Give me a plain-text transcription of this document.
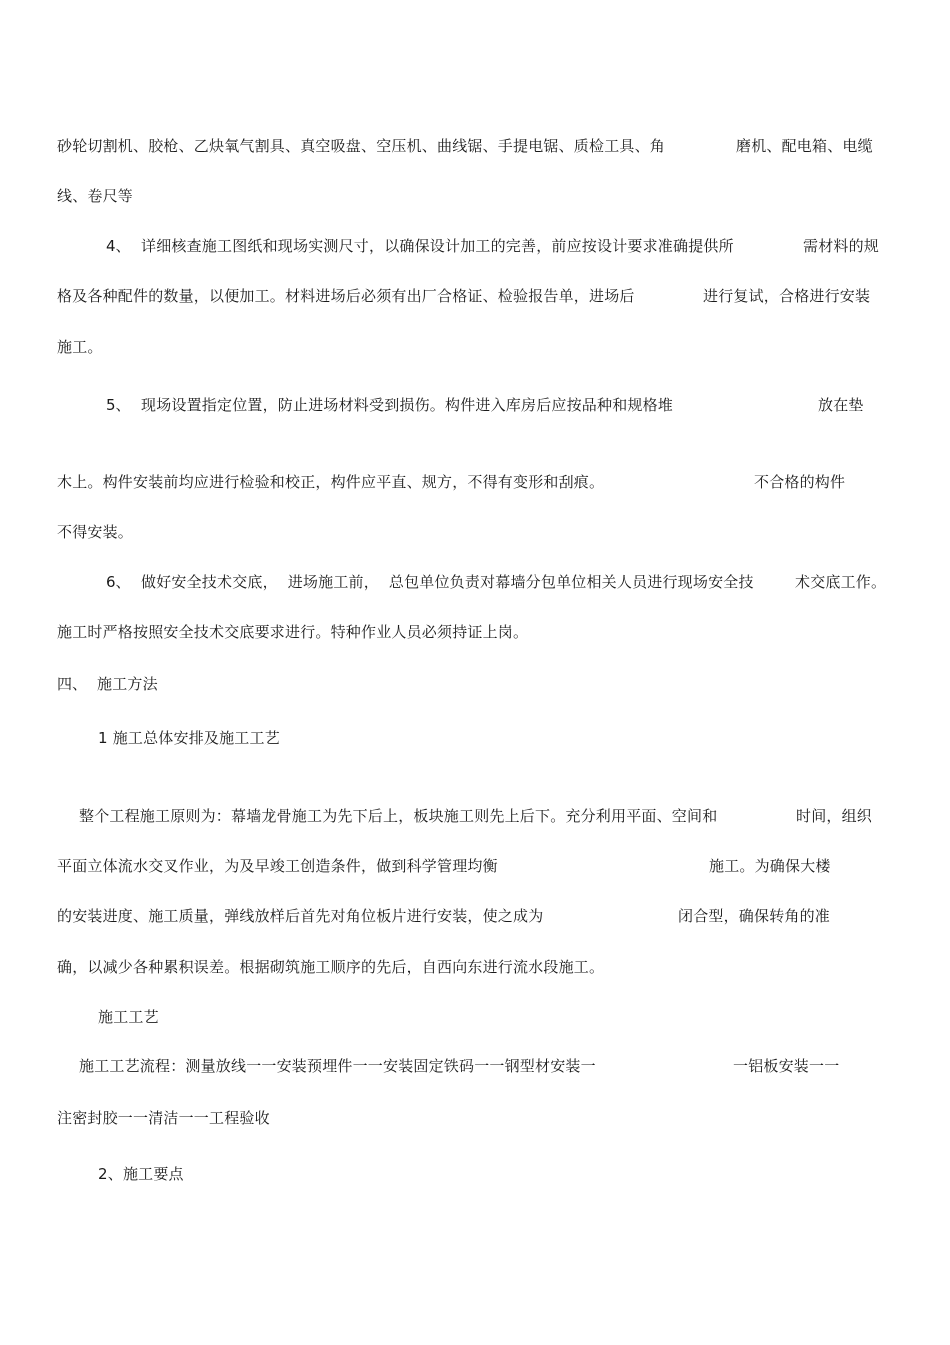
砂轮切割机、胶枪、乙炔氧气割具、真空吸盘、空压机、曲线锯、手提电锯、质检工具、角	磨机、配电箱、电缆
线、卷尺等
4、 详细核查施工图纸和现场实测尺寸，以确保设计加工的完善，前应按设计要求准确提供所	需材料的规
格及各种配件的数量，以便加工。材料进场后必须有出厂合格证、检验报告单，进场后	进行复试，合格进行安装
施工。
5、 现场设置指定位置，防止进场材料受到损伤。构件进入库房后应按品种和规格堆	放在垫
木上。构件安装前均应进行检验和校正，构件应平直、规方，不得有变形和刮痕。	不合格的构件
不得安装。
6、 做好安全技术交底，  进场施工前，  总包单位负责对幕墙分包单位相关人员进行现场安全技	术交底工作。
施工时严格按照安全技术交底要求进行。特种作业人员必须持证上岗。
四、 施工方法
1 施工总体安排及施工工艺
整个工程施工原则为：幕墙龙骨施工为先下后上，板块施工则先上后下。充分利用平面、空间和	时间，组织
平面立体流水交叉作业，为及早竣工创造条件，做到科学管理均衡	施工。为确保大楼
的安装进度、施工质量，弹线放样后首先对角位板片进行安装，使之成为	闭合型，确保转角的准
确，以减少各种累积误差。根据砌筑施工顺序的先后，自西向东进行流水段施工。
施工工艺
施工工艺流程：测量放线一一安装预埋件一一安装固定铁码一一钢型材安装一	一铝板安装一一
注密封胶一一清洁一一工程验收
2、施工要点
